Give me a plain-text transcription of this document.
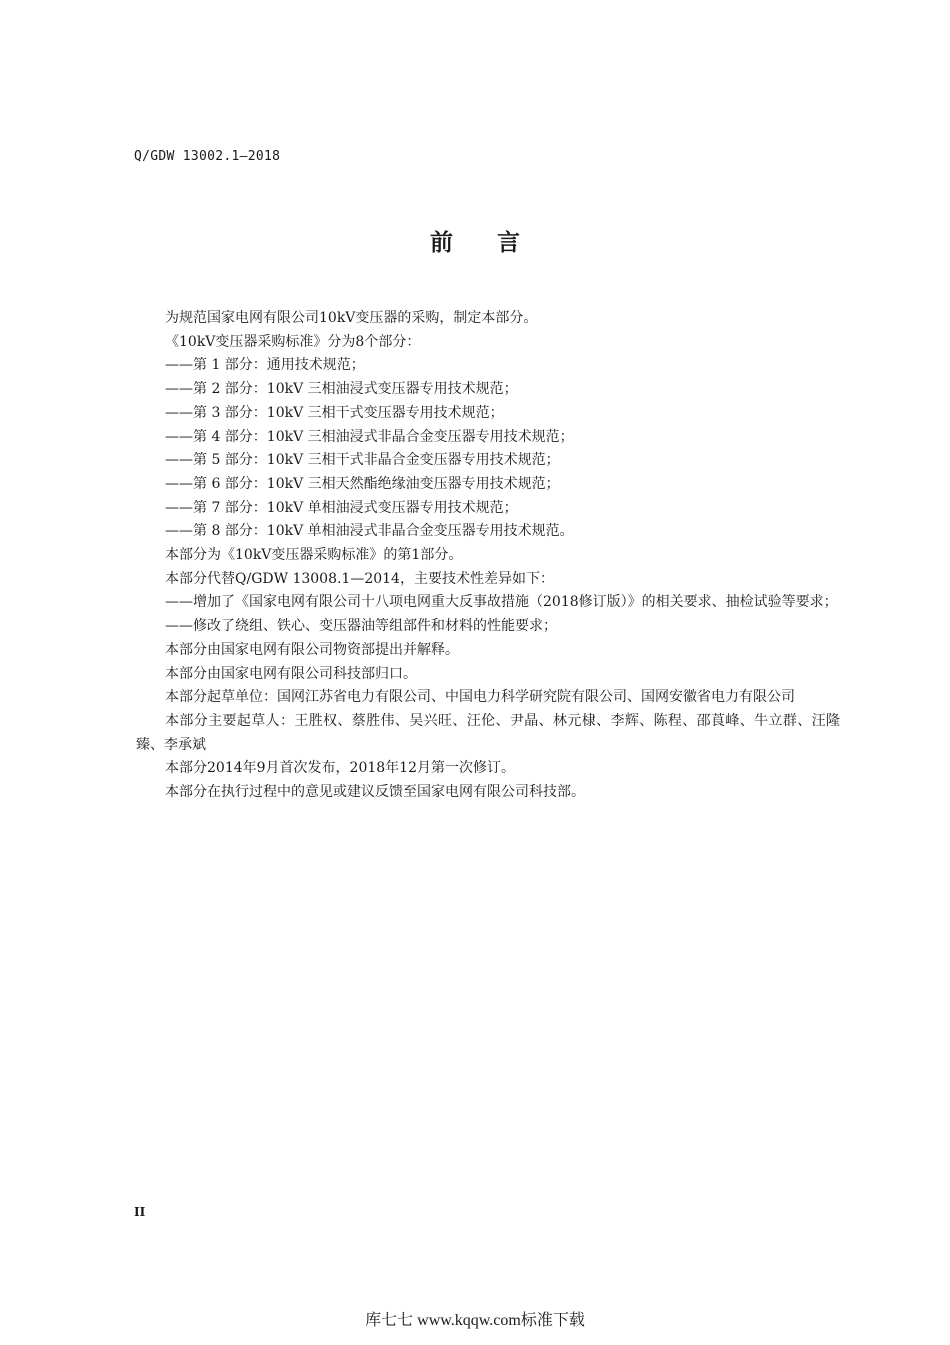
Q/GDW 13002.1—2018
前 言

为规范国家电网有限公司10kV变压器的采购，制定本部分。

《10kV变压器采购标准》分为8个部分：

——第 1 部分：通用技术规范；

——第 2 部分：10kV 三相油浸式变压器专用技术规范；

——第 3 部分：10kV 三相干式变压器专用技术规范；

——第 4 部分：10kV 三相油浸式非晶合金变压器专用技术规范；

——第 5 部分：10kV 三相干式非晶合金变压器专用技术规范；

——第 6 部分：10kV 三相天然酯绝缘油变压器专用技术规范；

——第 7 部分：10kV 单相油浸式变压器专用技术规范；

——第 8 部分：10kV 单相油浸式非晶合金变压器专用技术规范。

本部分为《10kV变压器采购标准》的第1部分。

本部分代替Q/GDW 13008.1—2014，主要技术性差异如下：

——增加了《国家电网有限公司十八项电网重大反事故措施（2018修订版）》的相关要求、抽检试验等要求；

——修改了绕组、铁心、变压器油等组部件和材料的性能要求；

本部分由国家电网有限公司物资部提出并解释。

本部分由国家电网有限公司科技部归口。

本部分起草单位：国网江苏省电力有限公司、中国电力科学研究院有限公司、国网安徽省电力有限公司

本部分主要起草人：王胜权、蔡胜伟、吴兴旺、汪伦、尹晶、林元棣、李辉、陈程、邵莨峰、牛立群、汪隆臻、李承斌

本部分2014年9月首次发布，2018年12月第一次修订。

本部分在执行过程中的意见或建议反馈至国家电网有限公司科技部。

II
库七七 www.kqqw.com标准下载
